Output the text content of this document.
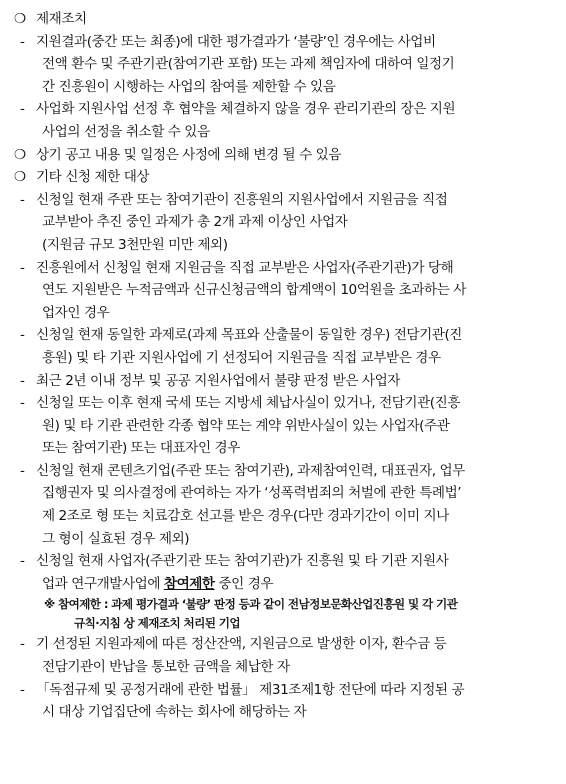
❍ 제재조치
- 지원결과(중간 또는 최종)에 대한 평가결과가 ‘불량’인 경우에는 사업비
전액 환수 및 주관기관(참여기관 포함) 또는 과제 책임자에 대하여 일정기
간 진흥원이 시행하는 사업의 참여를 제한할 수 있음
- 사업화 지원사업 선정 후 협약을 체결하지 않을 경우 관리기관의 장은 지원
사업의 선정을 취소할 수 있음
❍ 상기 공고 내용 및 일정은 사정에 의해 변경 될 수 있음
❍ 기타 신청 제한 대상
- 신청일 현재 주관 또는 참여기관이 진흥원의 지원사업에서 지원금을 직접
교부받아 추진 중인 과제가 총 2개 과제 이상인 사업자
(지원금 규모 3천만원 미만 제외)
- 진흥원에서 신청일 현재 지원금을 직접 교부받은 사업자(주관기관)가 당해
연도 지원받은 누적금액과 신규신청금액의 합계액이 10억원을 초과하는 사
업자인 경우
- 신청일 현재 동일한 과제로(과제 목표와 산출물이 동일한 경우) 전담기관(진
흥원) 및 타 기관 지원사업에 기 선정되어 지원금을 직접 교부받은 경우
- 최근 2년 이내 정부 및 공공 지원사업에서 불량 판정 받은 사업자
- 신청일 또는 이후 현재 국세 또는 지방세 체납사실이 있거나, 전담기관(진흥
원) 및 타 기관 관련한 각종 협약 또는 계약 위반사실이 있는 사업자(주관
또는 참여기관) 또는 대표자인 경우
- 신청일 현재 콘텐츠기업(주관 또는 참여기관), 과제참여인력, 대표권자, 업무
집행권자 및 의사결정에 관여하는 자가 ‘성폭력범죄의 처벌에 관한 특례법’
제 2조로 형 또는 치료감호 선고를 받은 경우(다만 경과기간이 이미 지나
그 형이 실효된 경우 제외)
- 신청일 현재 사업자(주관기관 또는 참여기관)가 진흥원 및 타 기관 지원사
업과 연구개발사업에 참여제한 중인 경우
※ 참여제한 : 과제 평가결과 ‘불량’ 판정 등과 같이 전남정보문화산업진흥원 및 각 기관
규칙·지침 상 제재조치 처리된 기업
- 기 선정된 지원과제에 따른 정산잔액, 지원금으로 발생한 이자, 환수금 등
전담기관이 반납을 통보한 금액을 체납한 자
- 「독점규제 및 공정거래에 관한 법률」 제31조제1항 전단에 따라 지정된 공
시 대상 기업집단에 속하는 회사에 해당하는 자
